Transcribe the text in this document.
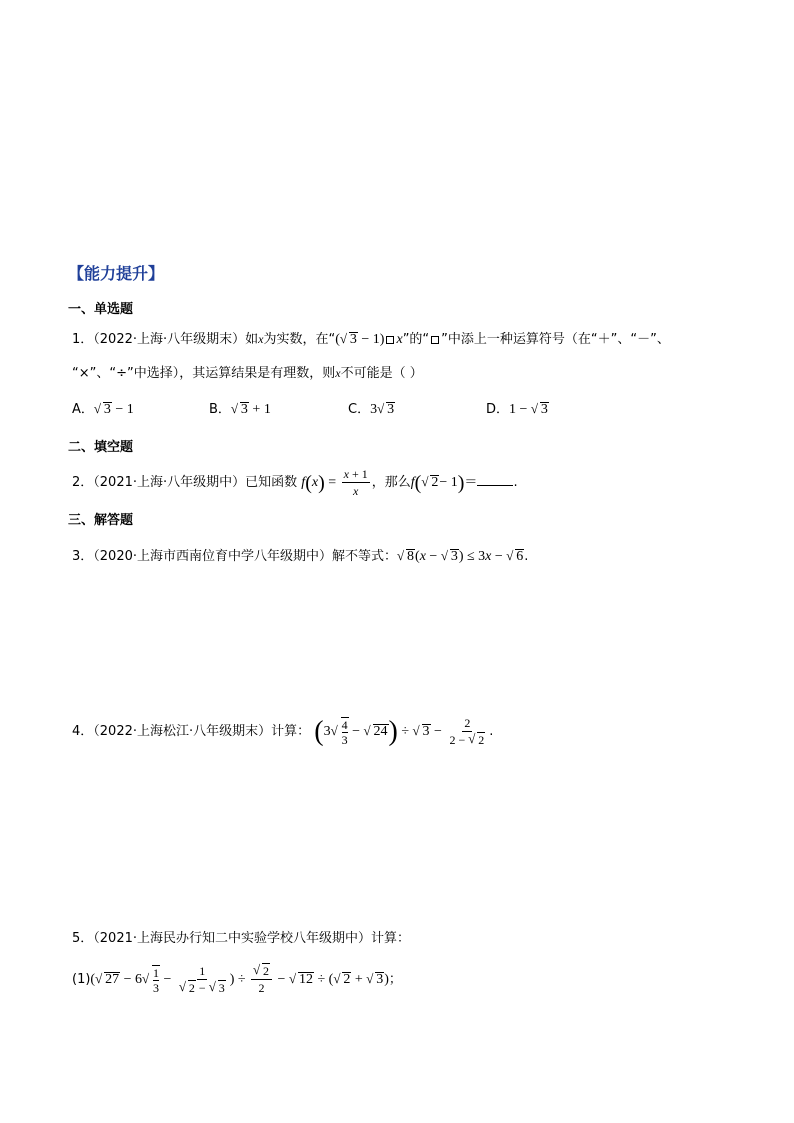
【能力提升】
一、单选题
1．（2022·上海·八年级期末）如x为实数，在“( √ 3 − 1) x”的“ ”中添上一种运算符号（在“＋”、“－”、
“×”、“÷”中选择），其运算结果是有理数，则x不可能是（ ）
A． √ 3 − 1	B． √ 3 + 1	C．3 √ 3	D．1 − √ 3
二、填空题
2．（2021·上海·八年级期中）已知函数 $f(x) = \frac{x + 1}{x}$ ，那么f( √ 2− 1)＝	.
三、解答题
3．（2020·上海市西南位育中学八年级期中）解不等式： √ 8(x − √ 3) ≤ 3x − √ 6.
4．（2022·上海松江·八年级期末）计算： (3 √ $\frac{4}{3}$ − √ 24) ÷ √ $3 - \frac{2}{2 - √ 2}$ .
5．（2021·上海民办行知二中实验学校八年级期中）计算：
(1)( √ 27 − 6 √ $\frac{1}{3} - 1$
√ 2 − √ 3 ) ÷ √ $\frac{2}{2}$ − √ 12 ÷ ( √ 2 + √ 3)；
